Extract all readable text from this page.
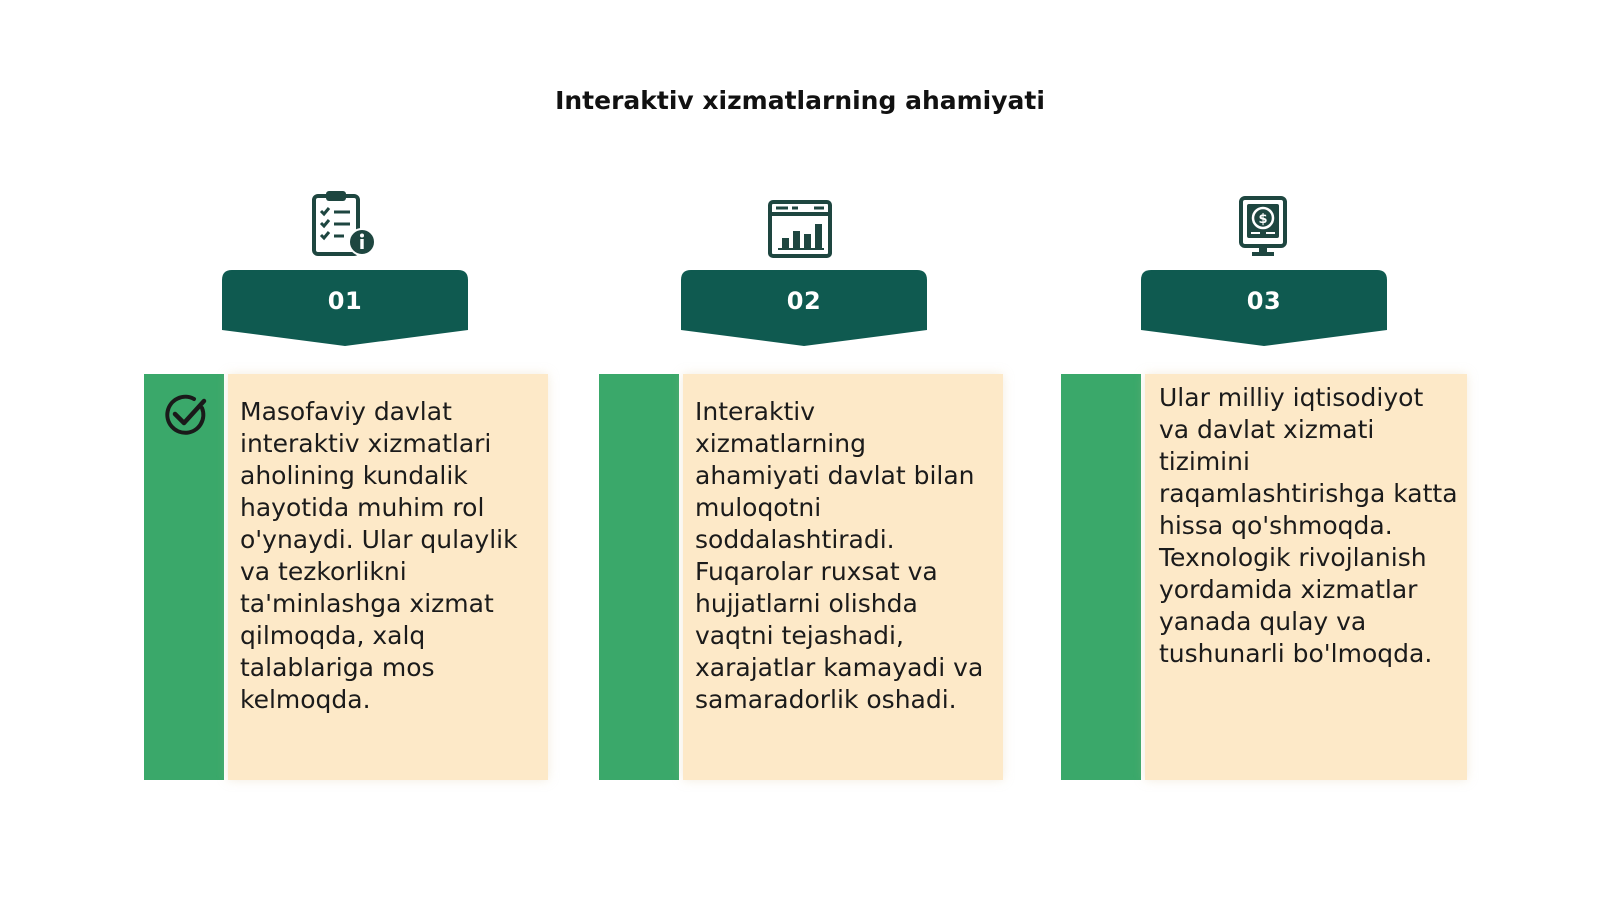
Interaktiv xizmatlarning ahamiyati
01

Masofaviy davlat interaktiv xizmatlari aholining kundalik hayotida muhim rol o'ynaydi. Ular qulaylik va tezkorlikni ta'minlashga xizmat qilmoqda, xalq talablariga mos kelmoqda.

02

Interaktiv xizmatlarning ahamiyati davlat bilan muloqotni soddalashtiradi. Fuqarolar ruxsat va hujjatlarni olishda vaqtni tejashadi, xarajatlar kamayadi va samaradorlik oshadi.

$
03

Ular milliy iqtisodiyot va davlat xizmati tizimini raqamlashtirishga katta hissa qo'shmoqda. Texnologik rivojlanish yordamida xizmatlar yanada qulay va tushunarli bo'lmoqda.
